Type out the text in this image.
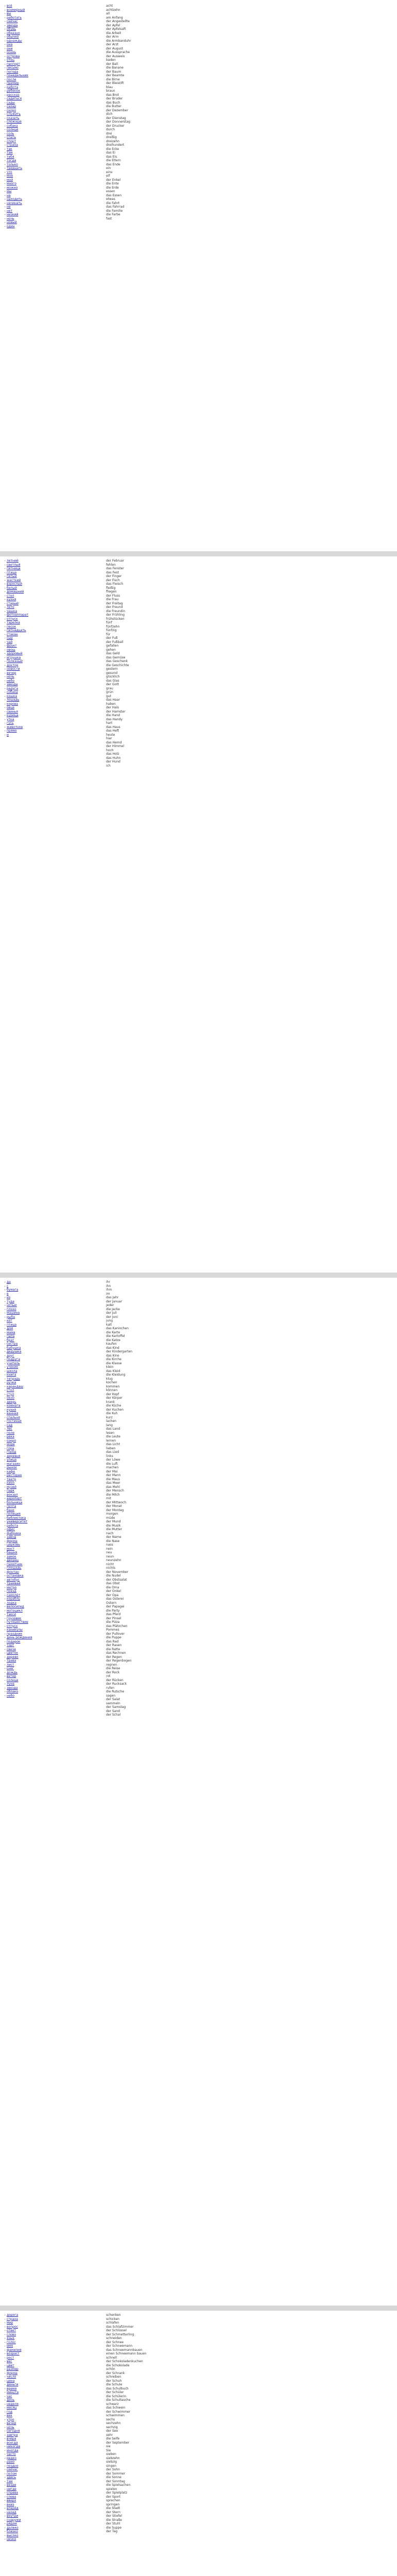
– всё
– всемирный
– вы
– работать
– сейчас
– звезда
– обувь
– образно
– обычно
– однажды
– она
– они
– осень
– острова
– отец
– паспорт
– письмо
– погода
– понедельник
– после
– пример
– работа
– ребенок
– рассказ
– садиться
– сады
– сахар
– скоро
– служить
– сказать
– сложный
– собака
– солнце
– соль
– спать
– спорт
– страна
– так
– там
– тебя
– тогда
– только
– тридцать
– что
– мне
– мой
– много
– можно
– мы
– на
– находить
– начинать
– не
– нет
– низкий
– ночь
– новый
– один
acht
achtzehn
all
am Anfang
der Angestellte
der Apfel
der Apfelsaft
die Arbeit
der Arm
die Armbanduhr
der Arzt
der August
die Aussprache
der Ausweis
baden
der Ball
die Banane
der Baum
der Beamte
die Birne
der Bleistift
blau
braun
das Brot
der Bruder
das Buch
die Butter
der Dezember
dich
der Dienstag
der Donnerstag
der Drucker
durch
drei
dreißig
dreizehn
dreihundert
die Ecke
das Ei
das Eis
die Eltern
das Ende
ein
eins
elf
der Enkel
die Ente
die Erde
essen
das Essen
etwas
die Fahrt
das Fahrrad
die Familie
die Farbe
fast
– летний
– светлый
– пятница
– птица
– пятый
– жесткий
– взрослый
– белый
– домашний
– стол
– кухня
– старый
– лето
– чашка
– фотоаппарат
– отпуск
– тарелка
– песок
– пятнадцать
– стакан
– сыр
– чай
– фрукт
– овощ
– здоровый
– игрушка
– полезный
– доктор
– новости
– вечер
– ночь
– небо
– звезда
– радуга
– собака
– кошка
– лошадь
– корова
– овца
– свинья
– курица
– утка
– гусь
– животное
– прямо
– и
der Februar
fehlen
das Fenster
das Fest
der Finger
der Fisch
das Fleisch
fleißig
fliegen
der Fluss
die Frau
der Freitag
der Freund
die Freundin
der Frühling
frühstücken
fünf
fünfzehn
fünfzig
für
der Fuß
der Fußball
gefallen
gehen
das Geld
das Gemüse
das Geschenk
die Geschichte
gestern
gesund
glücklich
das Glas
der Gott
grau
grün
gut
das Haar
haben
der Hals
der Hamster
die Hand
das Handy
hart
das Haus
das Heft
heute
hier
das Hemd
der Himmel
hoch
das Holz
das Huhn
der Hund
ich
– да
– с
– бумага
– в
– из
– туда
– ночью
– плохо
– машина
– рыба
– кот
– птица
– дом
– мама
– папа
– брат
– сестра
– бабушка
– дедушка
– друг
– подруга
– учитель
– ученик
– школа
– книга
– тетрадь
– ручка
– карандаш
– стол
– стул
– окно
– дверь
– комната
– кухня
– ванная
– спальня
– гостиная
– сад
– лес
– поле
– река
– озеро
– море
– гора
– город
– деревня
– улица
– магазин
– рынок
– кафе
– ресторан
– театр
– кино
– музей
– парк
– вокзал
– аэропорт
– больница
– почта
– банк
– полиция
– библиотека
– университет
– работа
– офис
– фабрика
– завод
– ферма
– церковь
– мост
– башня
– замок
– дворец
– памятник
– площадь
– фонтан
– остановка
– автобус
– трамвай
– метро
– поезд
– самолёт
– корабль
– лодка
– велосипед
– мотоцикл
– такси
– грузовик
– путешествие
– отпуск
– каникулы
– праздник
– день рождения
– подарок
– торт
– свеча
– цветок
– дерево
– трава
– лист
– снег
– дождь
– ветер
– солнце
– луна
– звезда
– облако
– небо
ihr
ihn
ihm
im
das Jahr
der Januar
jeder
die Jacke
der Juli
der Juni
jung
kalt
das Kaninchen
die Karte
die Kartoffel
die Katze
kaufen
das Kind
der Kindergarten
das Kino
die Kirche
die Klasse
klein
das Kleid
die Kleidung
klug
kochen
kommen
können
der Kopf
der Körper
krank
die Küche
der Kuchen
die Kuh
kurz
lachen
lang
das Land
lesen
die Leute
lernen
das Licht
lieben
das Lied
links
der Löwe
die Luft
machen
der Mai
der Mann
die Maus
das Meer
das Mehl
der Mensch
die Milch
mit
der Mittwoch
der Monat
der Montag
morgen
müde
der Mund
die Musik
die Mutter
nach
der Name
die Nase
nass
nein
neu
neun
neunzehn
nicht
nichts
der November
die Nudel
der Obstsalat
das Obst
die Oma
der Onkel
der Opa
das Osterei
Ostern
der Papagei
die Party
das Pferd
der Pinsel
die Pizza
das Plätzchen
Pommes
der Pullover
die Puppe
das Rad
der Rasen
die Ratte
das Rechnen
der Regen
der Regenbogen
regnen
die Reise
der Rock
rot
der Rücken
der Rucksack
rufen
die Rutsche
sagen
der Salat
sammeln
der Samstag
der Sand
der Schal
– дорога
– страна
– мир
– вопрос
– ответ
– слово
– язык
– голос
– имя
– фамилия
– возраст
– рост
– вес
– цвет
– размер
– форма
– число
– цена
– деньги
– время
– минута
– час
– день
– неделя
– месяц
– год
– век
– утро
– вечер
– ночь
– сегодня
– завтра
– вчера
– всегда
– никогда
– иногда
– часто
– редко
– рано
– поздно
– сейчас
– потом
– здесь
– там
– везде
– нигде
– справа
– слева
– вверх
– вниз
– вперёд
– назад
– внутри
– снаружи
– рядом
– далеко
– близко
– высоко
– низко
schenken
schicken
schlafen
das Schlafzimmer
der Schlüssel
der Schmetterling
schneiden
der Schnee
der Schneemann
das Schneemannbauen
einen Schneemann bauen
schnell
der Schokoladenkuchen
die Schokolade
schön
der Schrank
schreiben
der Schuh
die Schule
das Schulbuch
der Schüler
die Schülerin
die Schultasche
schwarz
das Schwein
der Schwimmer
schwimmen
sechs
sechzehn
sechzig
der See
sehr
die Seife
der September
sie
Sie
sieben
siebzehn
siebzig
singen
der Sohn
der Sommer
die Sonne
der Sonntag
die Spielsachen
spielen
der Spielplatz
der Sport
sprechen
springen
die Stadt
der Stern
der Stiefel
die Straße
der Stuhl
die Suppe
der Tag
